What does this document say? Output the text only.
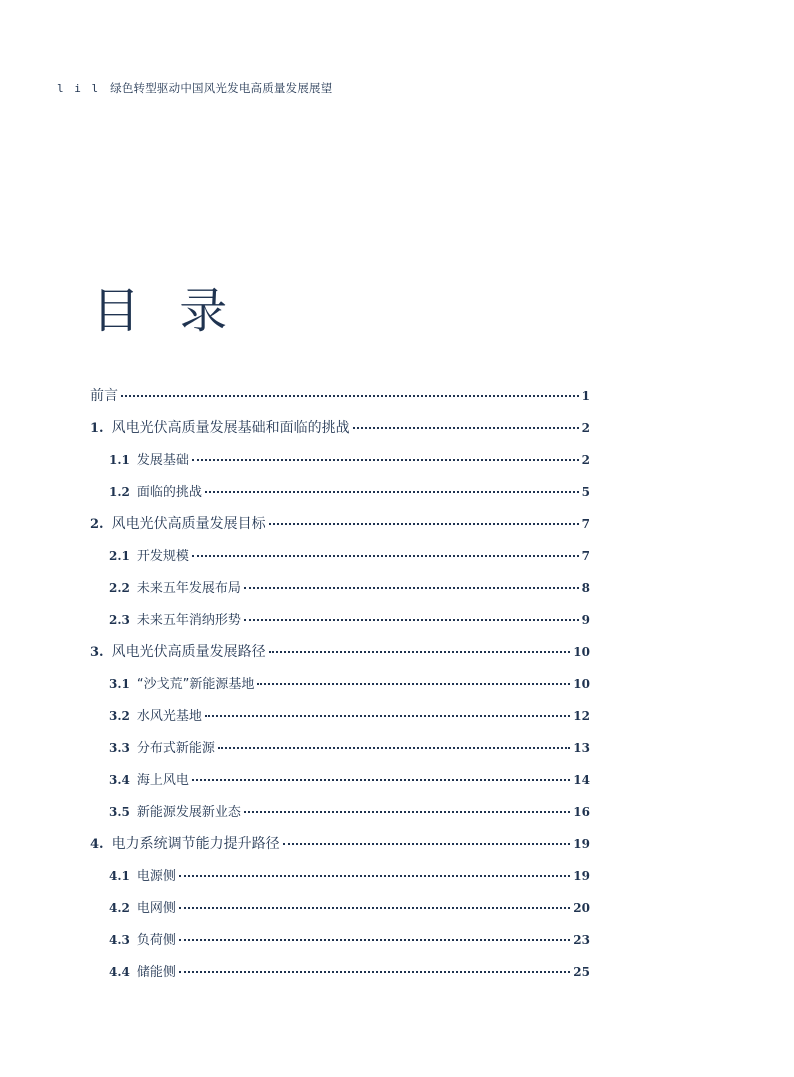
l i l 绿色转型驱动中国风光发电高质量发展展望
目 录
前言	1
1. 风电光伏高质量发展基础和面临的挑战	2
1.1 发展基础	2
1.2 面临的挑战	5
2. 风电光伏高质量发展目标	7
2.1 开发规模	7
2.2 未来五年发展布局	8
2.3 未来五年消纳形势	9
3. 风电光伏高质量发展路径	10
3.1 “沙戈荒”新能源基地	10
3.2 水风光基地	12
3.3 分布式新能源	13
3.4 海上风电	14
3.5 新能源发展新业态	16
4. 电力系统调节能力提升路径	19
4.1 电源侧	19
4.2 电网侧	20
4.3 负荷侧	23
4.4 储能侧	25
